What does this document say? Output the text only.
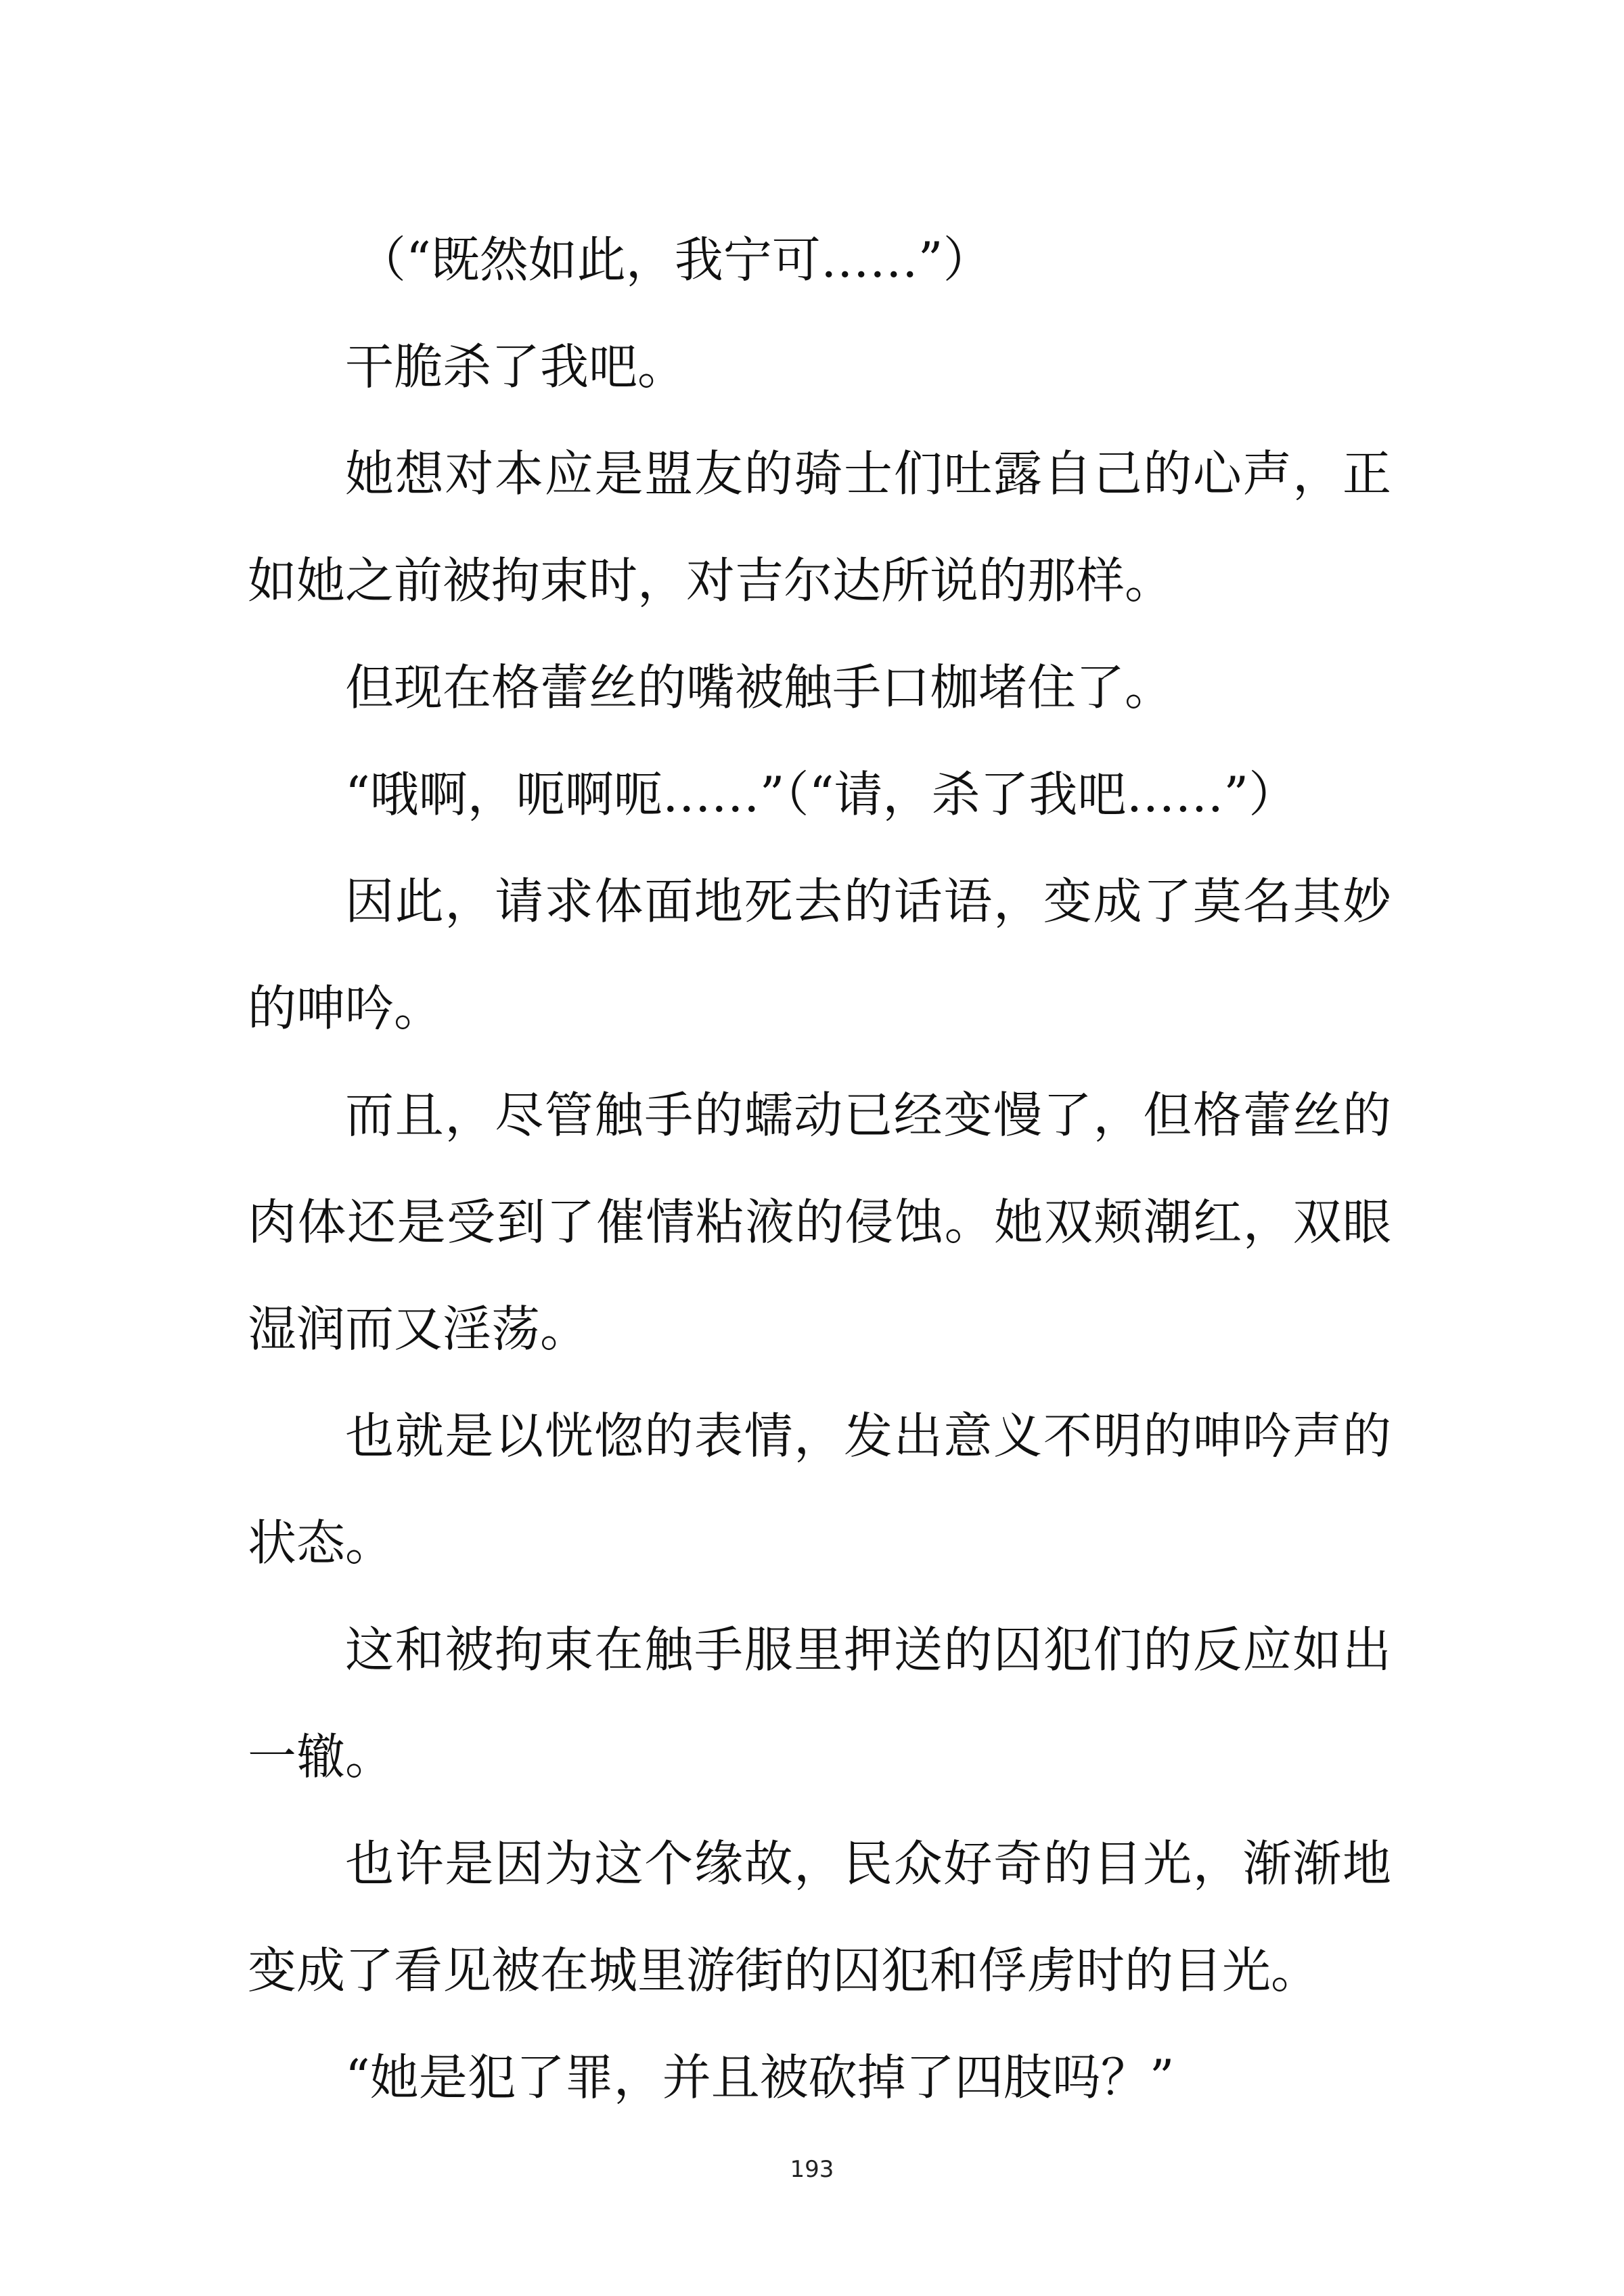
（“既然如此，我宁可……”）

干脆杀了我吧。

她想对本应是盟友的骑士们吐露自己的心声，正如她之前被拘束时，对吉尔达所说的那样。

但现在格蕾丝的嘴被触手口枷堵住了。

“哦啊，呃啊呃……”（“请，杀了我吧……”）

因此，请求体面地死去的话语，变成了莫名其妙的呻吟。

而且，尽管触手的蠕动已经变慢了，但格蕾丝的肉体还是受到了催情粘液的侵蚀。她双颊潮红，双眼湿润而又淫荡。

也就是以恍惚的表情，发出意义不明的呻吟声的状态。

这和被拘束在触手服里押送的囚犯们的反应如出一辙。

也许是因为这个缘故，民众好奇的目光，渐渐地变成了看见被在城里游街的囚犯和俘虏时的目光。

“她是犯了罪，并且被砍掉了四肢吗？”

193
